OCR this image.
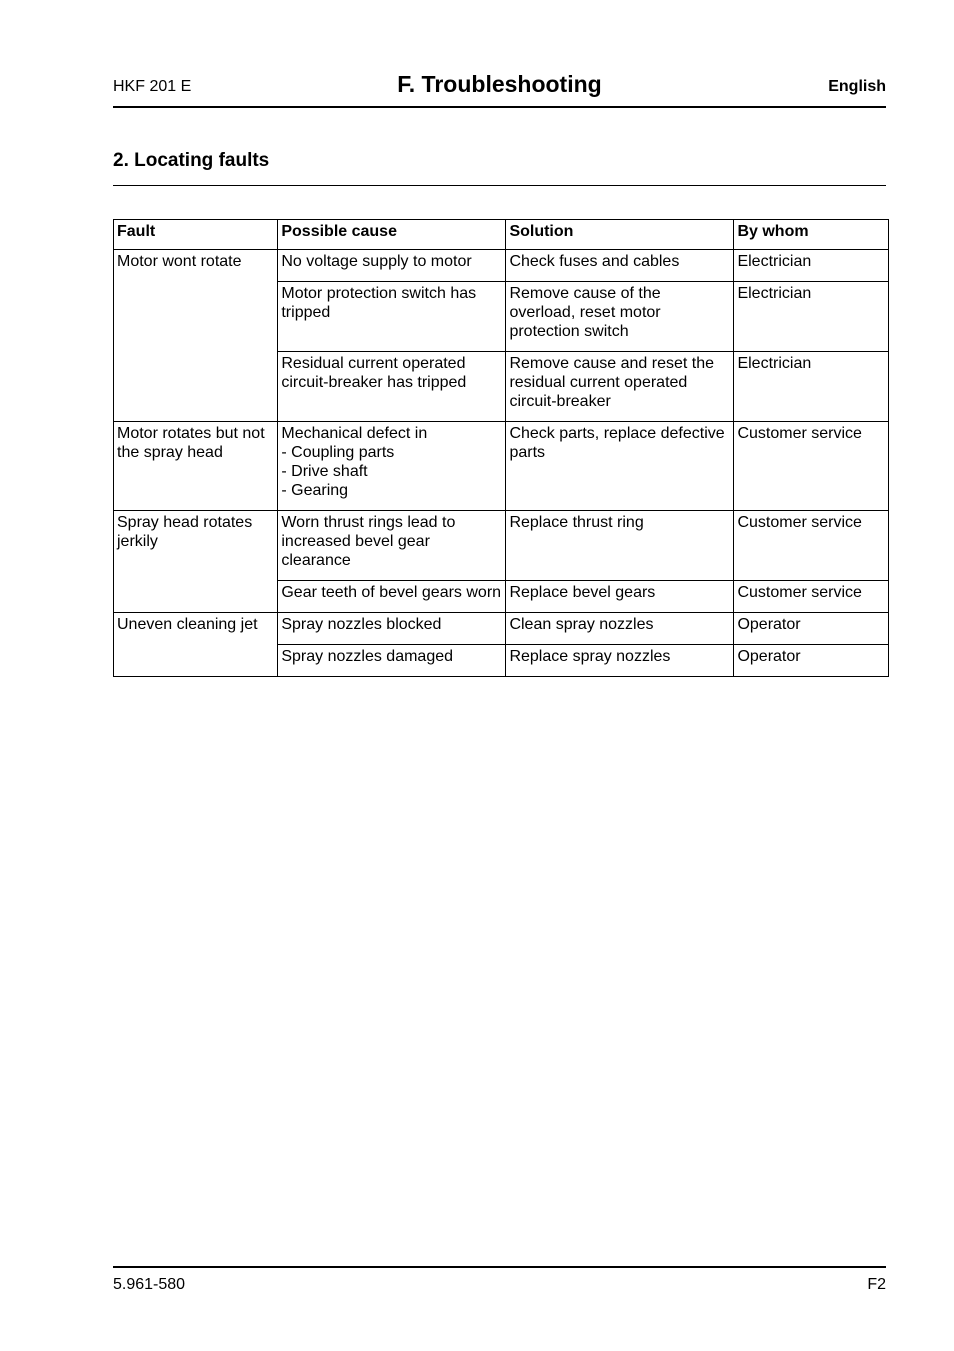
HKF 201 E	F. Troubleshooting	English
2. Locating faults
Fault	Possible cause	Solution	By whom
Motor wont rotate	No voltage supply to motor	Check fuses and cables	Electrician

	Motor protection switch has tripped	Remove cause of the overload, reset motor protection switch	Electrician

	Residual current operated circuit-breaker has tripped	Remove cause and reset the residual current operated circuit-breaker	Electrician
Motor rotates but not the spray head	Mechanical defect in
- Coupling parts
- Drive shaft
- Gearing	Check parts, replace defective parts	Customer service
Spray head rotates jerkily	Worn thrust rings lead to increased bevel gear clearance	Replace thrust ring	Customer service

	Gear teeth of bevel gears worn	Replace bevel gears	Customer service
Uneven cleaning jet	Spray nozzles blocked	Clean spray nozzles	Operator

	Spray nozzles damaged	Replace spray nozzles	Operator
5.961-580	F2
